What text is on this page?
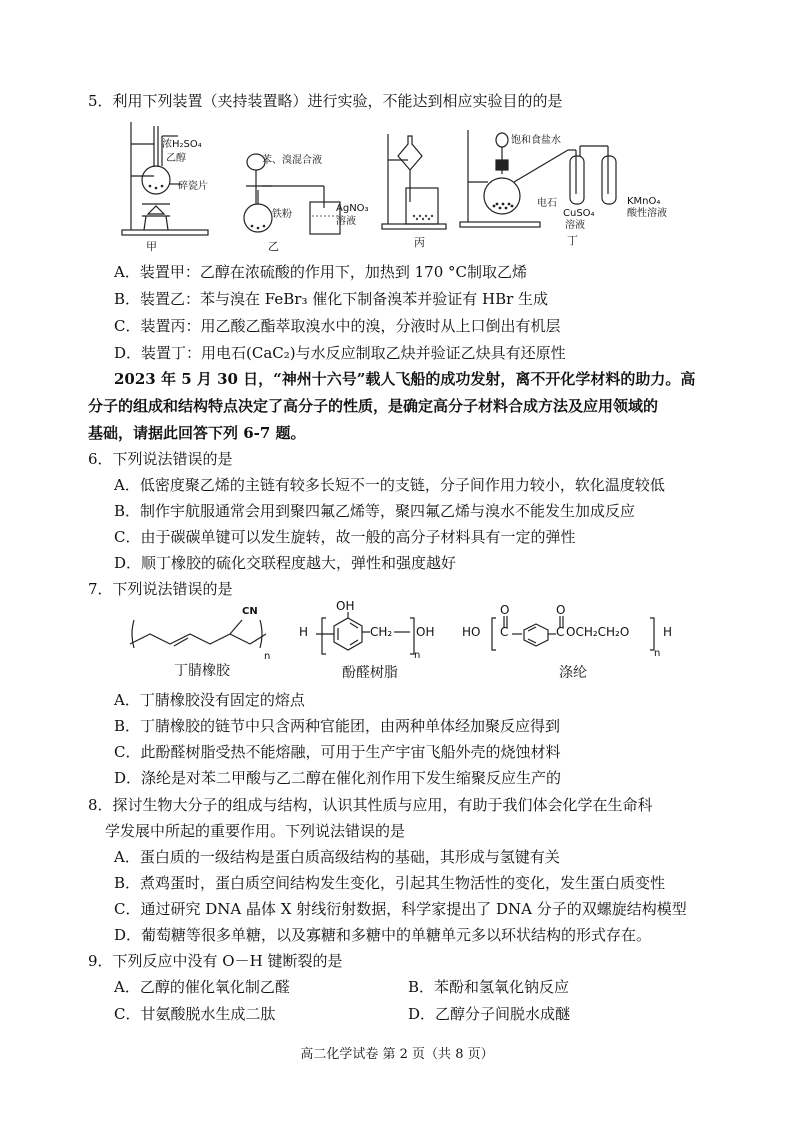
5．利用下列装置（夹持装置略）进行实验，不能达到相应实验目的的是
浓H₂SO₄
乙醇
碎瓷片
甲
苯、溴混合液
铁粉
AgNO₃
溶液
乙	丙
饱和食盐水
电石
CuSO₄
溶液
KMnO₄
酸性溶液
丁
A．装置甲：乙醇在浓硫酸的作用下，加热到 170 °C制取乙烯
B．装置乙：苯与溴在 FeBr₃ 催化下制备溴苯并验证有 HBr 生成
C．装置丙：用乙酸乙酯萃取溴水中的溴，分液时从上口倒出有机层
D．装置丁：用电石(CaC₂)与水反应制取乙炔并验证乙炔具有还原性
2023 年 5 月 30 日，“神州十六号”载人飞船的成功发射，离不开化学材料的助力。高
分子的组成和结构特点决定了高分子的性质，是确定高分子材料合成方法及应用领域的
基础，请据此回答下列 6-7 题。
6．下列说法错误的是
A．低密度聚乙烯的主链有较多长短不一的支链，分子间作用力较小，软化温度较低
B．制作宇航服通常会用到聚四氟乙烯等，聚四氟乙烯与溴水不能发生加成反应
C．由于碳碳单键可以发生旋转，故一般的高分子材料具有一定的弹性
D．顺丁橡胶的硫化交联程度越大，弹性和强度越好
7．下列说法错误的是
CN
n
丁腈橡胶
OH
H	CH₂ OH
n
酚醛树脂
O	O
HO C	C OCH₂CH₂O	H
n
涤纶
A．丁腈橡胶没有固定的熔点
B．丁腈橡胶的链节中只含两种官能团，由两种单体经加聚反应得到
C．此酚醛树脂受热不能熔融，可用于生产宇宙飞船外壳的烧蚀材料
D．涤纶是对苯二甲酸与乙二醇在催化剂作用下发生缩聚反应生产的
8．探讨生物大分子的组成与结构，认识其性质与应用，有助于我们体会化学在生命科
学发展中所起的重要作用。下列说法错误的是
A．蛋白质的一级结构是蛋白质高级结构的基础，其形成与氢键有关
B．煮鸡蛋时，蛋白质空间结构发生变化，引起其生物活性的变化，发生蛋白质变性
C．通过研究 DNA 晶体 X 射线衍射数据，科学家提出了 DNA 分子的双螺旋结构模型
D．葡萄糖等很多单糖，以及寡糖和多糖中的单糖单元多以环状结构的形式存在。
9．下列反应中没有 O－H 键断裂的是
A．乙醇的催化氧化制乙醛	B．苯酚和氢氧化钠反应
C．甘氨酸脱水生成二肽	D．乙醇分子间脱水成醚
高二化学试卷 第 2 页（共 8 页）
